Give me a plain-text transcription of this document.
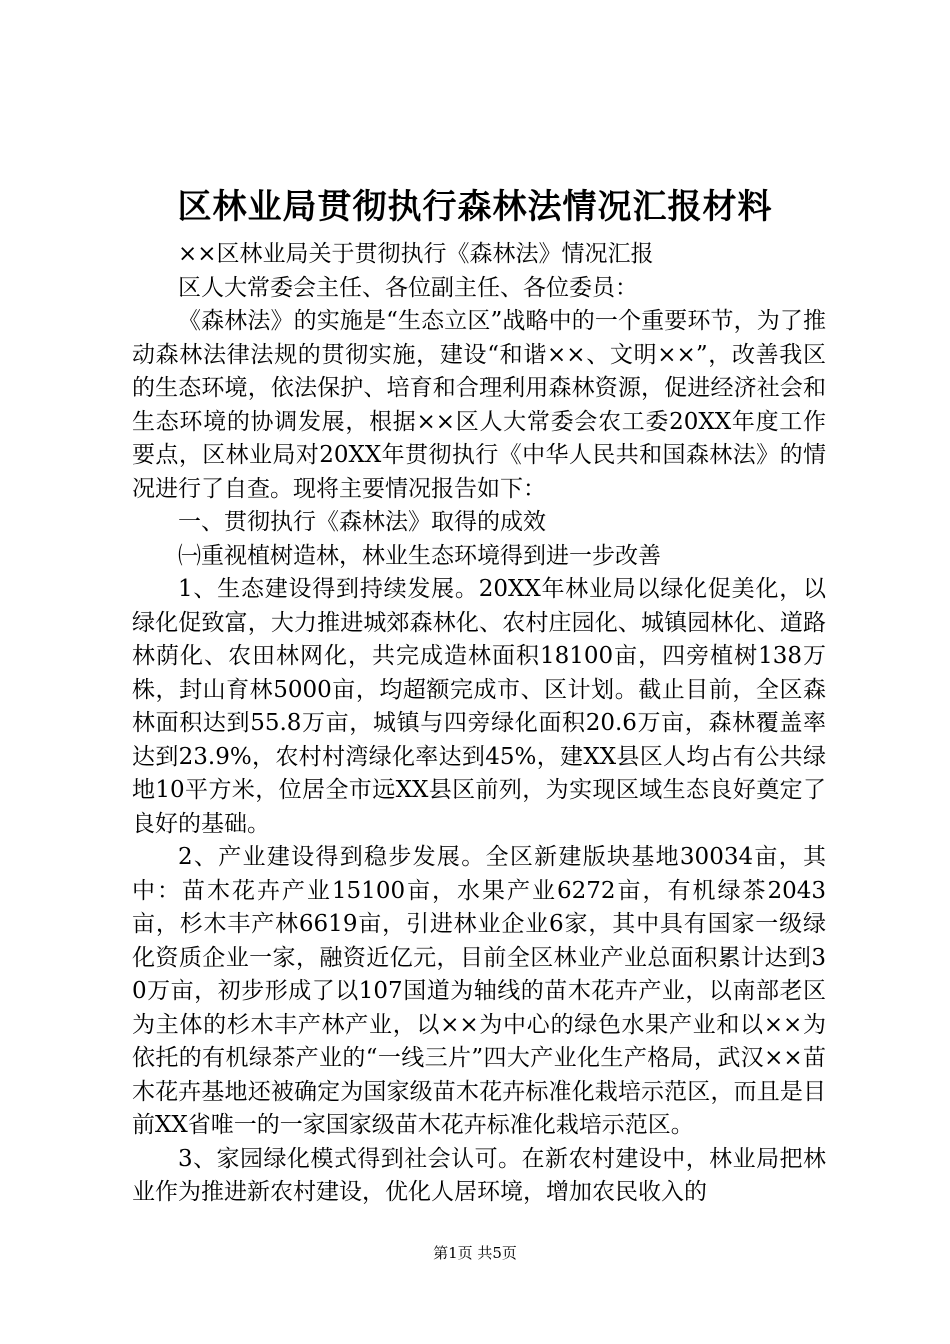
区林业局贯彻执行森林法情况汇报材料

××区林业局关于贯彻执行《森林法》情况汇报

区人大常委会主任、各位副主任、各位委员：

《森林法》的实施是“生态立区”战略中的一个重要环节，为了推动森林法律法规的贯彻实施，建设“和谐××、文明××”，改善我区的生态环境，依法保护、培育和合理利用森林资源，促进经济社会和生态环境的协调发展，根据××区人大常委会农工委20XX年度工作要点，区林业局对20XX年贯彻执行《中华人民共和国森林法》的情况进行了自查。现将主要情况报告如下：

一、贯彻执行《森林法》取得的成效

㈠重视植树造林，林业生态环境得到进一步改善

1、生态建设得到持续发展。20XX年林业局以绿化促美化，以绿化促致富，大力推进城郊森林化、农村庄园化、城镇园林化、道路林荫化、农田林网化，共完成造林面积18100亩，四旁植树138万株，封山育林5000亩，均超额完成市、区计划。截止目前，全区森林面积达到55.8万亩，城镇与四旁绿化面积20.6万亩，森林覆盖率达到23.9%，农村村湾绿化率达到45%，建XX县区人均占有公共绿地10平方米，位居全市远XX县区前列，为实现区域生态良好奠定了良好的基础。

2、产业建设得到稳步发展。全区新建版块基地30034亩，其中：苗木花卉产业15100亩，水果产业6272亩，有机绿茶2043亩，杉木丰产林6619亩，引进林业企业6家，其中具有国家一级绿化资质企业一家，融资近亿元，目前全区林业产业总面积累计达到30万亩，初步形成了以107国道为轴线的苗木花卉产业，以南部老区为主体的杉木丰产林产业，以××为中心的绿色水果产业和以××为依托的有机绿茶产业的“一线三片”四大产业化生产格局，武汉××苗木花卉基地还被确定为国家级苗木花卉标准化栽培示范区，而且是目前XX省唯一的一家国家级苗木花卉标准化栽培示范区。

3、家园绿化模式得到社会认可。在新农村建设中，林业局把林业作为推进新农村建设，优化人居环境，增加农民收入的

第1页 共5页
